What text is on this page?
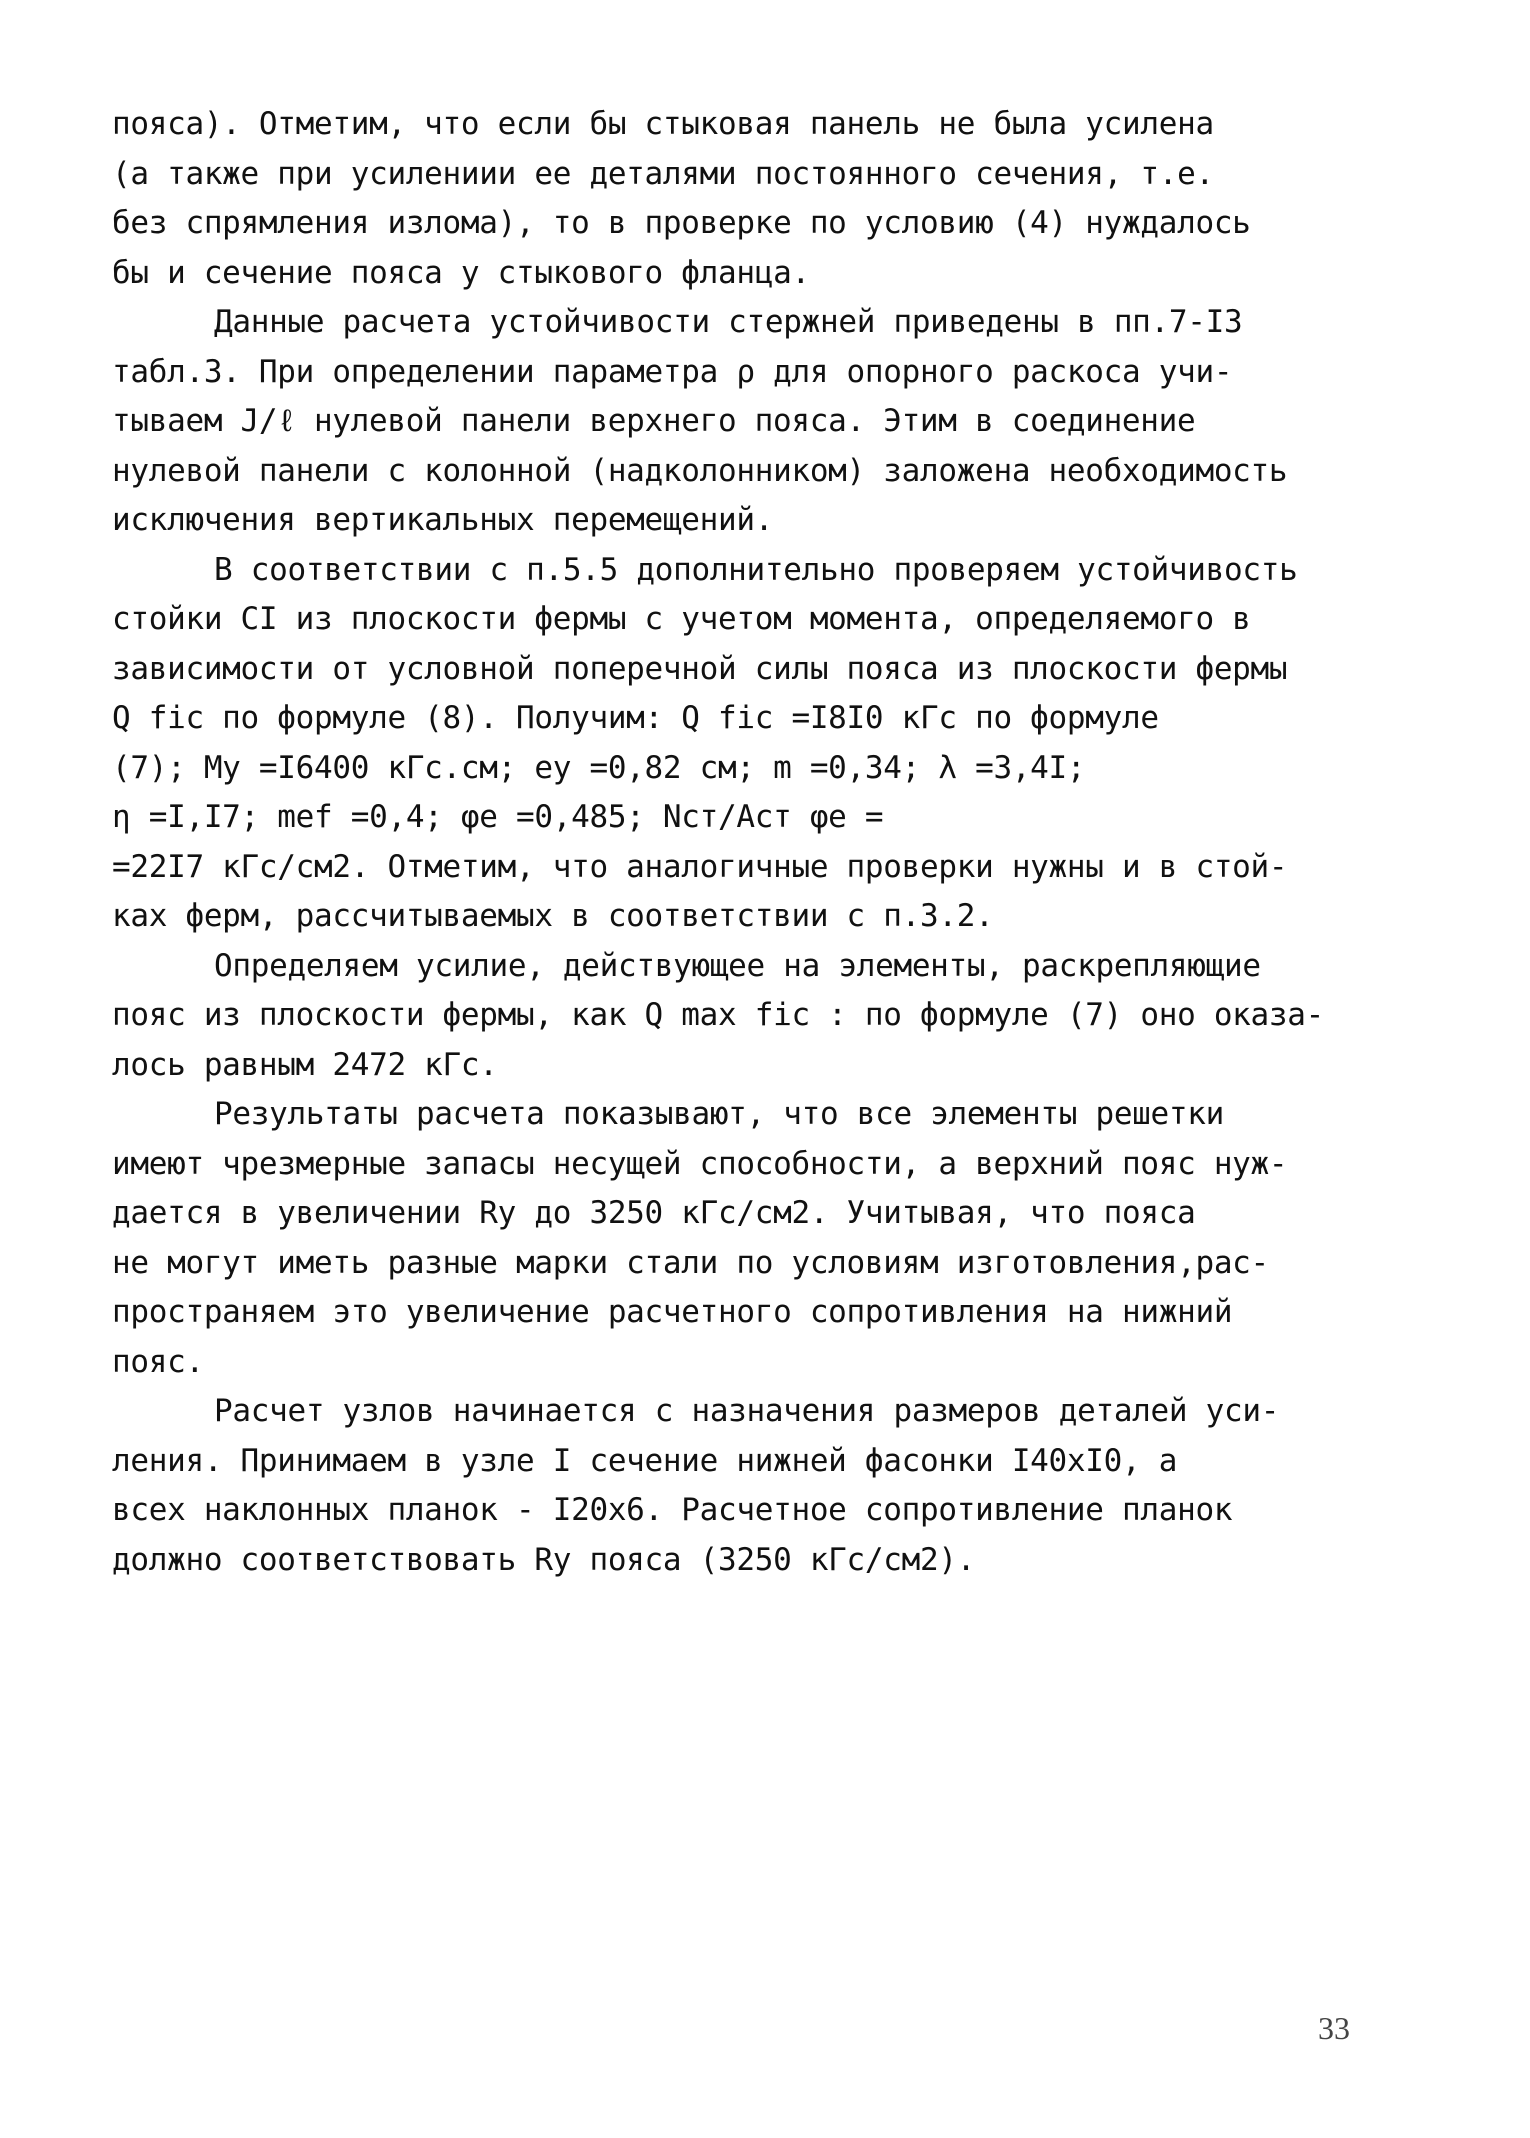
пояса). Отметим, что если бы стыковая панель не была усилена
(а также при усилениии ее деталями постоянного сечения, т.е.
без спрямления излома), то в проверке по условию (4) нуждалось
бы и сечение пояса у стыкового фланца.
Данные расчета устойчивости стержней приведены в пп.7-I3
табл.3. При определении параметра ρ для опорного раскоса учи-
тываем J/ℓ нулевой панели верхнего пояса. Этим в соединение
нулевой панели с колонной (надколонником) заложена необходимость
исключения вертикальных перемещений.
В соответствии с п.5.5 дополнительно проверяем устойчивость
стойки CI из плоскости фермы с учетом момента, определяемого в
зависимости от условной поперечной силы пояса из плоскости фермы
Q fic по формуле (8). Получим: Q fic =I8I0 кГс по формуле
(7); My =I6400 кГс.см; ey =0,82 см; m =0,34; λ =3,4I;
η =I,I7; mef =0,4; φe =0,485; Nст/Aст φe =
=22I7 кГс/см2. Отметим, что аналогичные проверки нужны и в стой-
ках ферм, рассчитываемых в соответствии с п.3.2.
Определяем усилие, действующее на элементы, раскрепляющие
пояс из плоскости фермы, как Q max fic : по формуле (7) оно оказа-
лось равным 2472 кГс.
Результаты расчета показывают, что все элементы решетки
имеют чрезмерные запасы несущей способности, а верхний пояс нуж-
дается в увеличении Ry до 3250 кГс/см2. Учитывая, что пояса
не могут иметь разные марки стали по условиям изготовления,рас-
пространяем это увеличение расчетного сопротивления на нижний
пояс.
Расчет узлов начинается с назначения размеров деталей уси-
ления. Принимаем в узле I сечение нижней фасонки I40xI0, а
всех наклонных планок - I20x6. Расчетное сопротивление планок
должно соответствовать Ry пояса (3250 кГс/см2).
33
